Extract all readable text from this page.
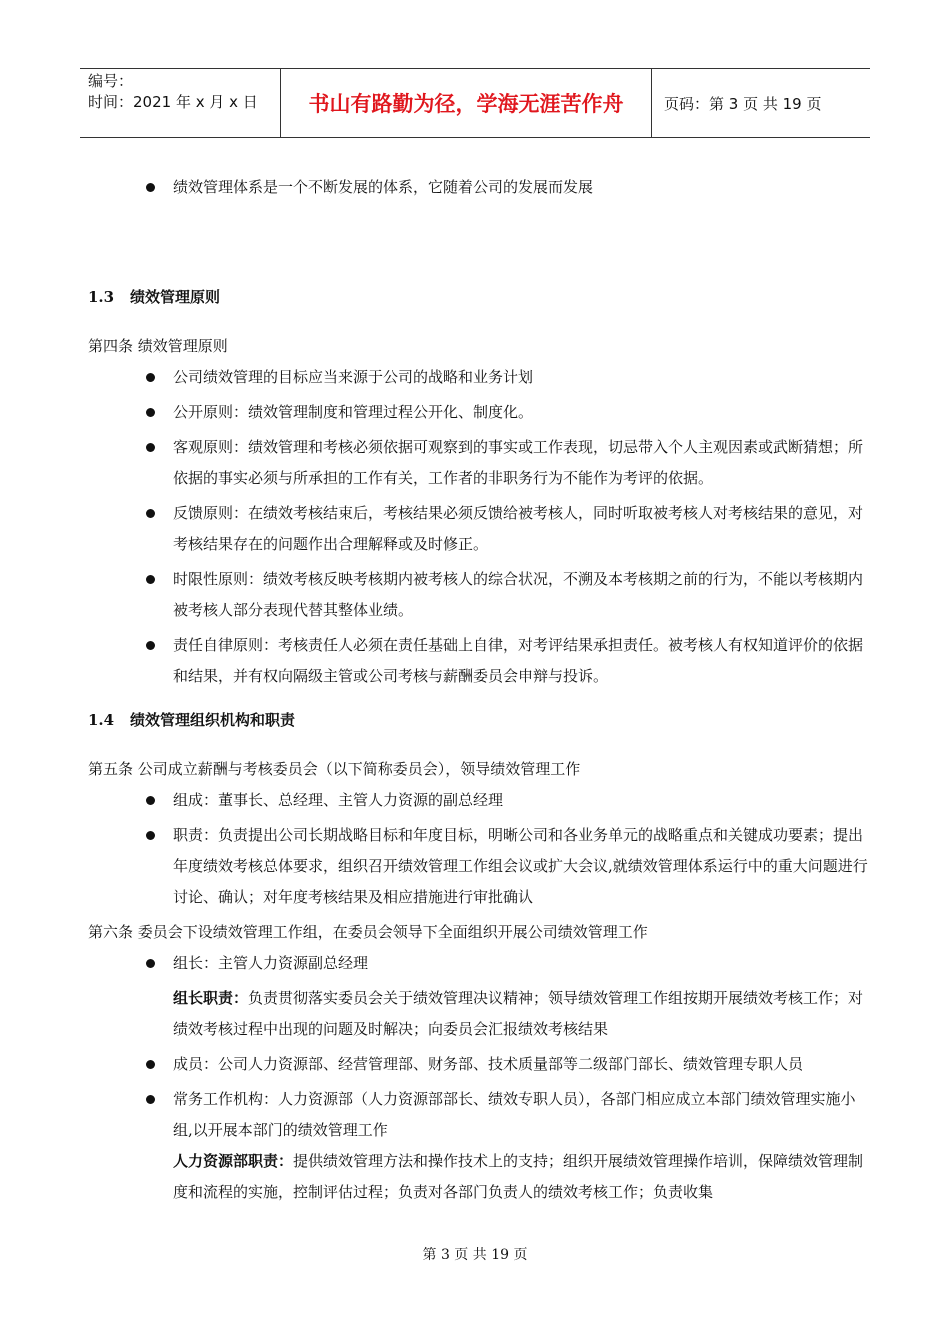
编号：
时间：2021 年 x 月 x 日	书山有路勤为径，学海无涯苦作舟	页码：第 3 页 共 19 页
绩效管理体系是一个不断发展的体系，它随着公司的发展而发展
1.3 绩效管理原则
第四条 绩效管理原则
公司绩效管理的目标应当来源于公司的战略和业务计划
公开原则：绩效管理制度和管理过程公开化、制度化。
客观原则：绩效管理和考核必须依据可观察到的事实或工作表现，切忌带入个人主观因素或武断猜想；所依据的事实必须与所承担的工作有关，工作者的非职务行为不能作为考评的依据。
反馈原则：在绩效考核结束后，考核结果必须反馈给被考核人，同时听取被考核人对考核结果的意见，对考核结果存在的问题作出合理解释或及时修正。
时限性原则：绩效考核反映考核期内被考核人的综合状况，不溯及本考核期之前的行为，不能以考核期内被考核人部分表现代替其整体业绩。
责任自律原则：考核责任人必须在责任基础上自律，对考评结果承担责任。被考核人有权知道评价的依据和结果，并有权向隔级主管或公司考核与薪酬委员会申辩与投诉。
1.4 绩效管理组织机构和职责
第五条 公司成立薪酬与考核委员会（以下简称委员会），领导绩效管理工作
组成：董事长、总经理、主管人力资源的副总经理
职责：负责提出公司长期战略目标和年度目标，明晰公司和各业务单元的战略重点和关键成功要素；提出年度绩效考核总体要求，组织召开绩效管理工作组会议或扩大会议,就绩效管理体系运行中的重大问题进行讨论、确认；对年度考核结果及相应措施进行审批确认
第六条 委员会下设绩效管理工作组，在委员会领导下全面组织开展公司绩效管理工作
组长：主管人力资源副总经理
组长职责：负责贯彻落实委员会关于绩效管理决议精神；领导绩效管理工作组按期开展绩效考核工作；对绩效考核过程中出现的问题及时解决；向委员会汇报绩效考核结果
成员：公司人力资源部、经营管理部、财务部、技术质量部等二级部门部长、绩效管理专职人员
常务工作机构：人力资源部（人力资源部部长、绩效专职人员），各部门相应成立本部门绩效管理实施小组,以开展本部门的绩效管理工作
人力资源部职责：提供绩效管理方法和操作技术上的支持；组织开展绩效管理操作培训，保障绩效管理制度和流程的实施，控制评估过程；负责对各部门负责人的绩效考核工作；负责收集
第 3 页 共 19 页
